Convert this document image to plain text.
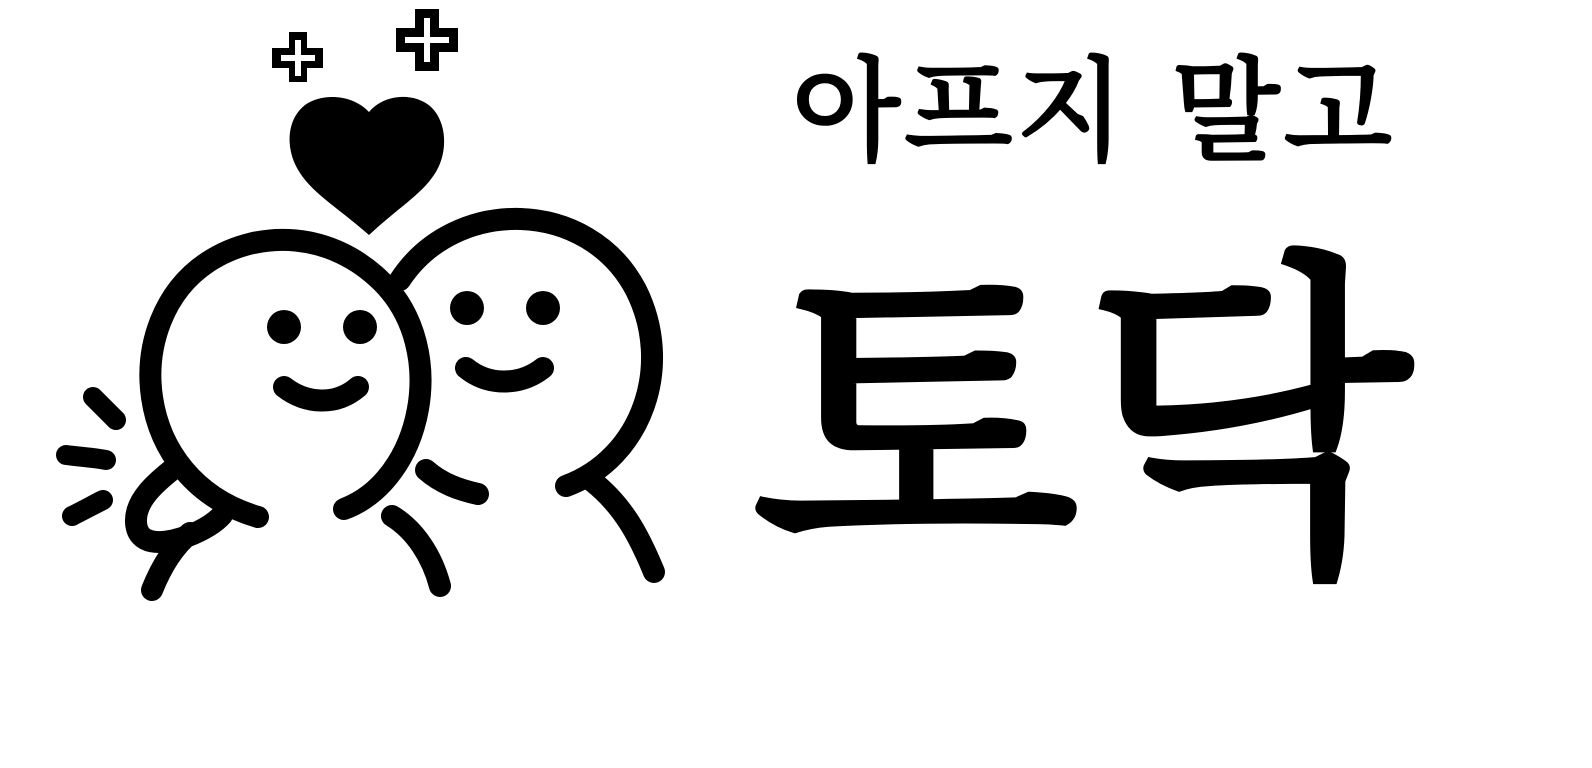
아프지 말고
토닥
